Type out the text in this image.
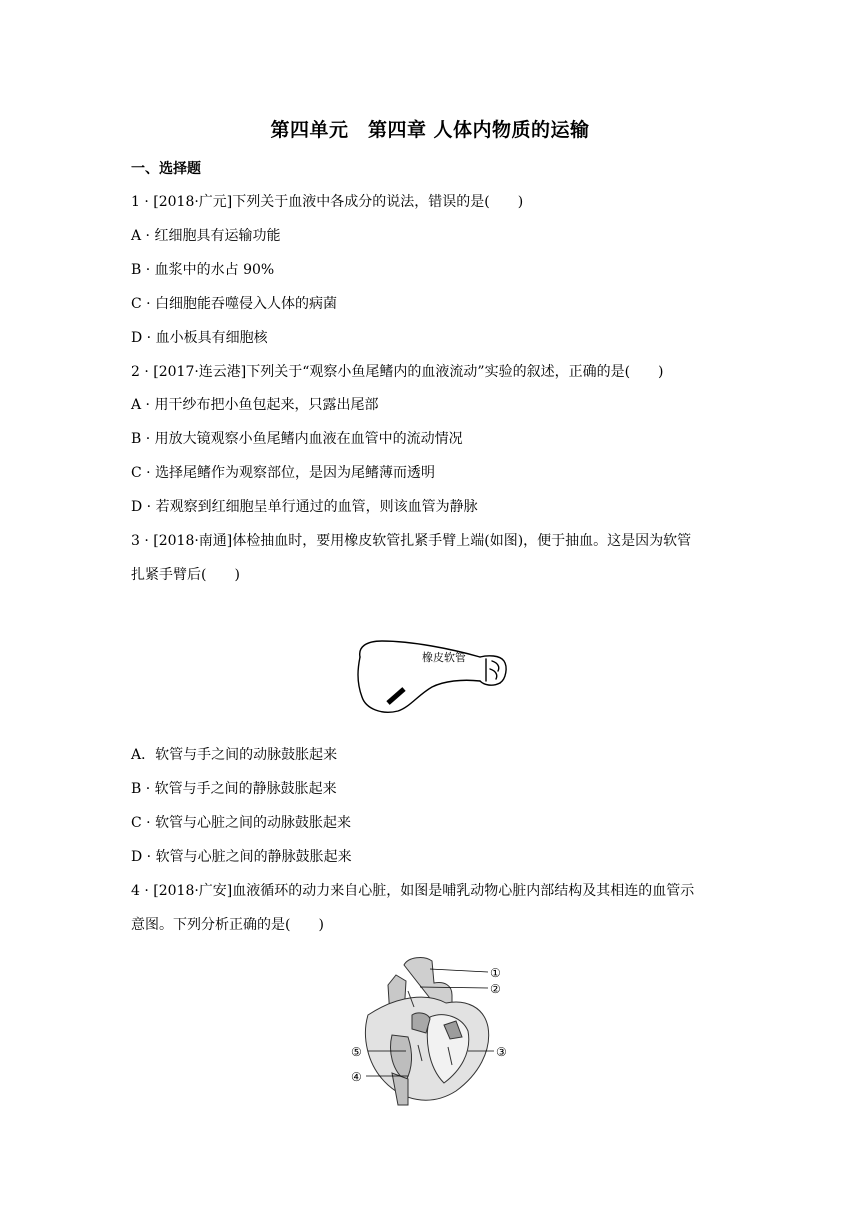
第四单元　第四章 人体内物质的运输
一、选择题
1 · [2018·广元]下列关于血液中各成分的说法，错误的是(　　)
A · 红细胞具有运输功能
B · 血浆中的水占 90%
C · 白细胞能吞噬侵入人体的病菌
D · 血小板具有细胞核
2 · [2017·连云港]下列关于“观察小鱼尾鳍内的血液流动”实验的叙述，正确的是(　　)
A · 用干纱布把小鱼包起来，只露出尾部
B · 用放大镜观察小鱼尾鳍内血液在血管中的流动情况
C · 选择尾鳍作为观察部位，是因为尾鳍薄而透明
D · 若观察到红细胞呈单行通过的血管，则该血管为静脉
3 · [2018·南通]体检抽血时，要用橡皮软管扎紧手臂上端(如图)，便于抽血。这是因为软管
扎紧手臂后(　　)
橡皮软管
A．软管与手之间的动脉鼓胀起来
B · 软管与手之间的静脉鼓胀起来
C · 软管与心脏之间的动脉鼓胀起来
D · 软管与心脏之间的静脉鼓胀起来
4 · [2018·广安]血液循环的动力来自心脏，如图是哺乳动物心脏内部结构及其相连的血管示
意图。下列分析正确的是(　　)
①
②
③
④
⑤
